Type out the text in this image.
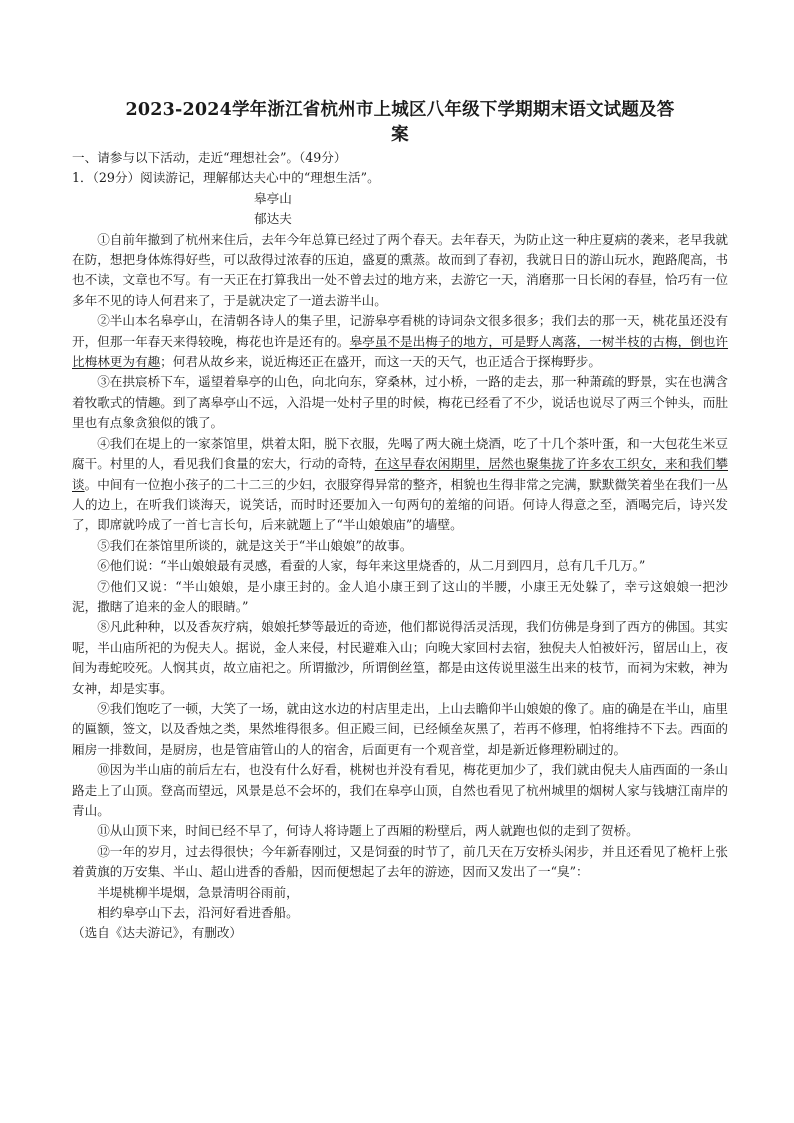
2023-2024学年浙江省杭州市上城区八年级下学期期末语文试题及答
案

一、请参与以下活动，走近“理想社会”。（49分）

1．（29分）阅读游记，理解郁达夫心中的“理想生活”。

皋亭山

郁达夫

①自前年撤到了杭州来住后，去年今年总算已经过了两个春天。去年春天，为防止这一种庄夏病的袭来，老早我就在防，想把身体炼得好些，可以敌得过浓春的压迫，盛夏的熏蒸。故而到了春初，我就日日的游山玩水，跑路爬高，书也不读，文章也不写。有一天正在打算我出一处不曾去过的地方来，去游它一天，消磨那一日长闲的春昼，恰巧有一位多年不见的诗人何君来了，于是就决定了一道去游半山。

②半山本名皋亭山，在清朝各诗人的集子里，记游皋亭看桃的诗词杂文很多很多；我们去的那一天，桃花虽还没有开，但那一年春天来得较晚，梅花也许是还有的。皋亭虽不是出梅子的地方，可是野人离落，一树半枝的古梅，倒也许比梅林更为有趣；何君从故乡来，说近梅还正在盛开，而这一天的天气，也正适合于探梅野步。

③在拱宸桥下车，遥望着皋亭的山色，向北向东，穿桑林，过小桥，一路的走去，那一种萧疏的野景，实在也满含着牧歌式的情趣。到了离皋亭山不远，入沿堤一处村子里的时候，梅花已经看了不少，说话也说尽了两三个钟头，而肚里也有点象贪狼似的饿了。

④我们在堤上的一家茶馆里，烘着太阳，脱下衣服，先喝了两大碗土烧酒，吃了十几个茶叶蛋，和一大包花生米豆腐干。村里的人，看见我们食量的宏大，行动的奇特，在这早春农闲期里，居然也聚集拢了许多农工织女，来和我们攀谈。中间有一位抱小孩子的二十二三的少妇，衣服穿得异常的整齐，相貌也生得非常之完满，默默微笑着坐在我们一丛人的边上，在听我们谈海天，说笑话，而时时还要加入一句两句的羞缩的问语。何诗人得意之至，酒喝完后，诗兴发了，即席就吟成了一首七言长句，后来就题上了“半山娘娘庙”的墙壁。

⑤我们在茶馆里所谈的，就是这关于“半山娘娘”的故事。

⑥他们说：“半山娘娘最有灵感，看蚕的人家，每年来这里烧香的，从二月到四月，总有几千几万。”

⑦他们又说：“半山娘娘，是小康王封的。金人追小康王到了这山的半腰，小康王无处躲了，幸亏这娘娘一把沙泥，撒瞎了追来的金人的眼睛。”

⑧凡此种种，以及香灰疗病，娘娘托梦等最近的奇迹，他们都说得活灵活现，我们仿佛是身到了西方的佛国。其实呢，半山庙所祀的为倪夫人。据说，金人来侵，村民避难入山；向晚大家回村去宿，独倪夫人怕被奸污，留居山上，夜间为毒蛇咬死。人悯其贞，故立庙祀之。所谓撤沙，所谓倒丝篁，都是由这传说里滋生出来的枝节，而祠为宋敕，神为女神，却是实事。

⑨我们饱吃了一顿，大笑了一场，就由这水边的村店里走出，上山去瞻仰半山娘娘的像了。庙的确是在半山，庙里的匾额，签文，以及香烛之类，果然堆得很多。但正殿三间，已经倾垒灰黑了，若再不修理，怕将维持不下去。西面的厢房一排数间，是厨房，也是管庙管山的人的宿舍，后面更有一个观音堂，却是新近修理粉刷过的。

⑩因为半山庙的前后左右，也没有什么好看，桃树也并没有看见，梅花更加少了，我们就由倪夫人庙西面的一条山路走上了山顶。登高而望远，风景是总不会坏的，我们在皋亭山顶，自然也看见了杭州城里的烟树人家与钱塘江南岸的青山。

⑪从山顶下来，时间已经不早了，何诗人将诗题上了西厢的粉壁后，两人就跑也似的走到了贺桥。

⑫一年的岁月，过去得很快；今年新春刚过，又是饲蚕的时节了，前几天在万安桥头闲步，并且还看见了桅杆上张着黄旗的万安集、半山、超山进香的香船，因而便想起了去年的游迹，因而又发出了一“臭”：

半堤桃柳半堤烟，急景清明谷雨前，

相约皋亭山下去，沿河好看进香船。

（选自《达夫游记》，有删改）
